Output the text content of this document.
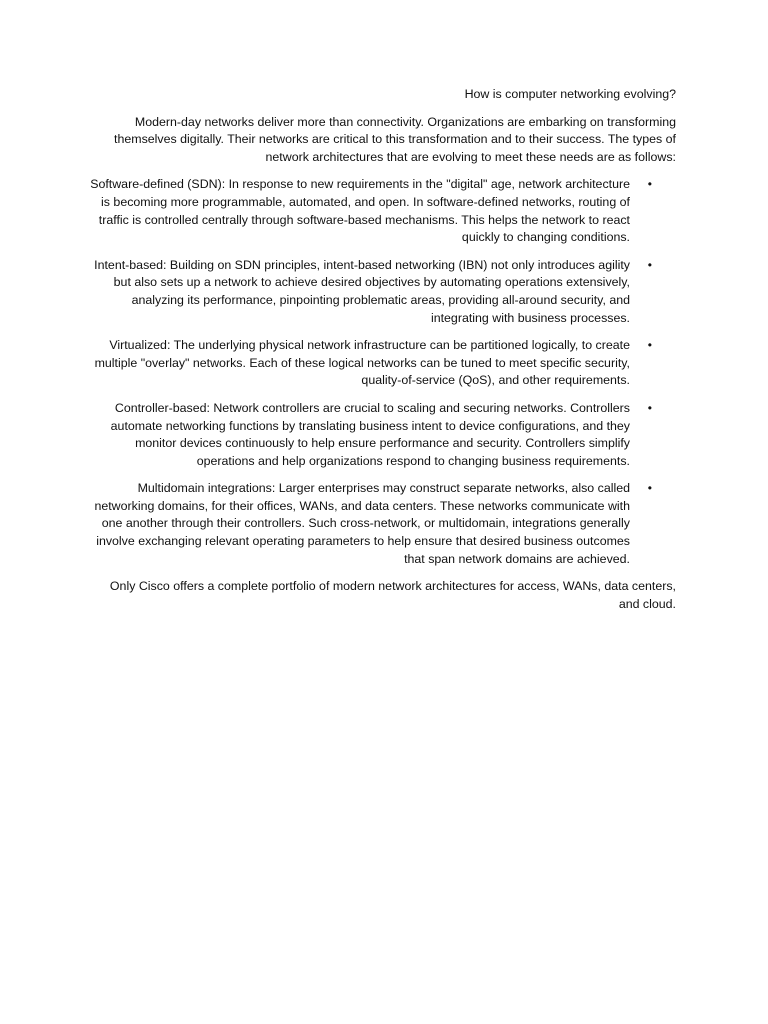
How is computer networking evolving?

Modern-day networks deliver more than connectivity. Organizations are embarking on transforming themselves digitally. Their networks are critical to this transformation and to their success. The types of network architectures that are evolving to meet these needs are as follows:

Software-defined (SDN): In response to new requirements in the "digital" age, network architecture is becoming more programmable, automated, and open. In software-defined networks, routing of traffic is controlled centrally through software-based mechanisms. This helps the network to react quickly to changing conditions.
•
Intent-based: Building on SDN principles, intent-based networking (IBN) not only introduces agility but also sets up a network to achieve desired objectives by automating operations extensively, analyzing its performance, pinpointing problematic areas, providing all-around security, and integrating with business processes.
•
Virtualized: The underlying physical network infrastructure can be partitioned logically, to create multiple "overlay" networks. Each of these logical networks can be tuned to meet specific security, quality-of-service (QoS), and other requirements.
•
Controller-based: Network controllers are crucial to scaling and securing networks. Controllers automate networking functions by translating business intent to device configurations, and they monitor devices continuously to help ensure performance and security. Controllers simplify operations and help organizations respond to changing business requirements.
•
Multidomain integrations: Larger enterprises may construct separate networks, also called networking domains, for their offices, WANs, and data centers. These networks communicate with one another through their controllers. Such cross-network, or multidomain, integrations generally involve exchanging relevant operating parameters to help ensure that desired business outcomes that span network domains are achieved.
•

Only Cisco offers a complete portfolio of modern network architectures for access, WANs, data centers, and cloud.
